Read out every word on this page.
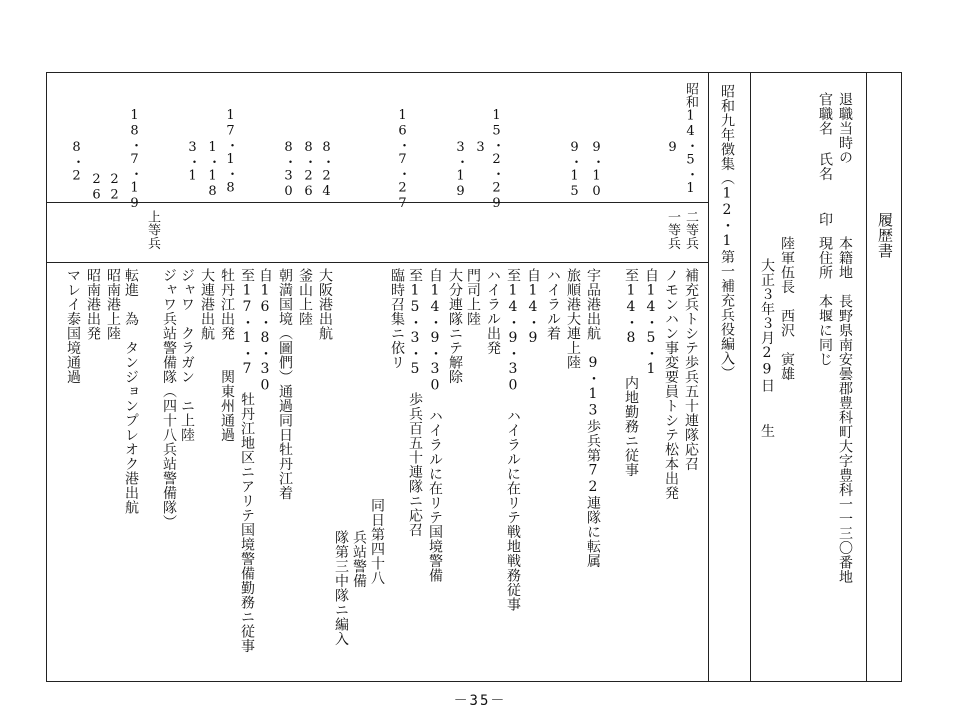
履歴書
退職当時の
官職名 氏名　 印
本籍地
長野県南安曇郡豊科町大字豊科一一三〇番地
現住所
本堰に同じ
陸軍伍長　西沢　寅雄
大正３年３月29日　 生
昭和九年徴集（12・1第一補充兵役編入）
二等兵
一等兵
上等兵
昭和14・5・1
9
9・10
9・15
15・2・29
3
3・19
16・7・27
8・24
8・26
8・30
17・1・8
1・18
3・1
18・7・19
22
26
8・2
補充兵トシテ歩兵五十連隊応召
ノモンハン事変要員トシテ松本出発
自14・5・1
至14・8　　内地勤務ニ従事
宇品港出航　9・13歩兵第72連隊に転属
旅順港大連上陸
ハイラル着
自14・9
至14・9・30　ハイラルに在リテ戦地戦務従事
ハイラル出発
門司上陸
大分連隊ニテ解除
自14・9・30　ハイラルに在リテ国境警備
至15・3・5　歩兵百五十連隊ニ応召
臨時召集ニ依リ
同日第四十八
兵站警備
隊第三中隊ニ編入
大阪港出航
釜山上陸
朝満国境（圖們）通過同日牡丹江着
自16・8・30
至17・1・7　牡丹江地区ニアリテ国境警備勤務ニ従事
牡丹江出発　　関東州通過
大連港出航
ジャワ　クラガン　ニ上陸
ジャワ兵站警備隊（四十八兵站警備隊）
転進　為　タンジョンプレオク港出航
昭南港上陸
昭南港出発
マレイ泰国境通過
－35－
